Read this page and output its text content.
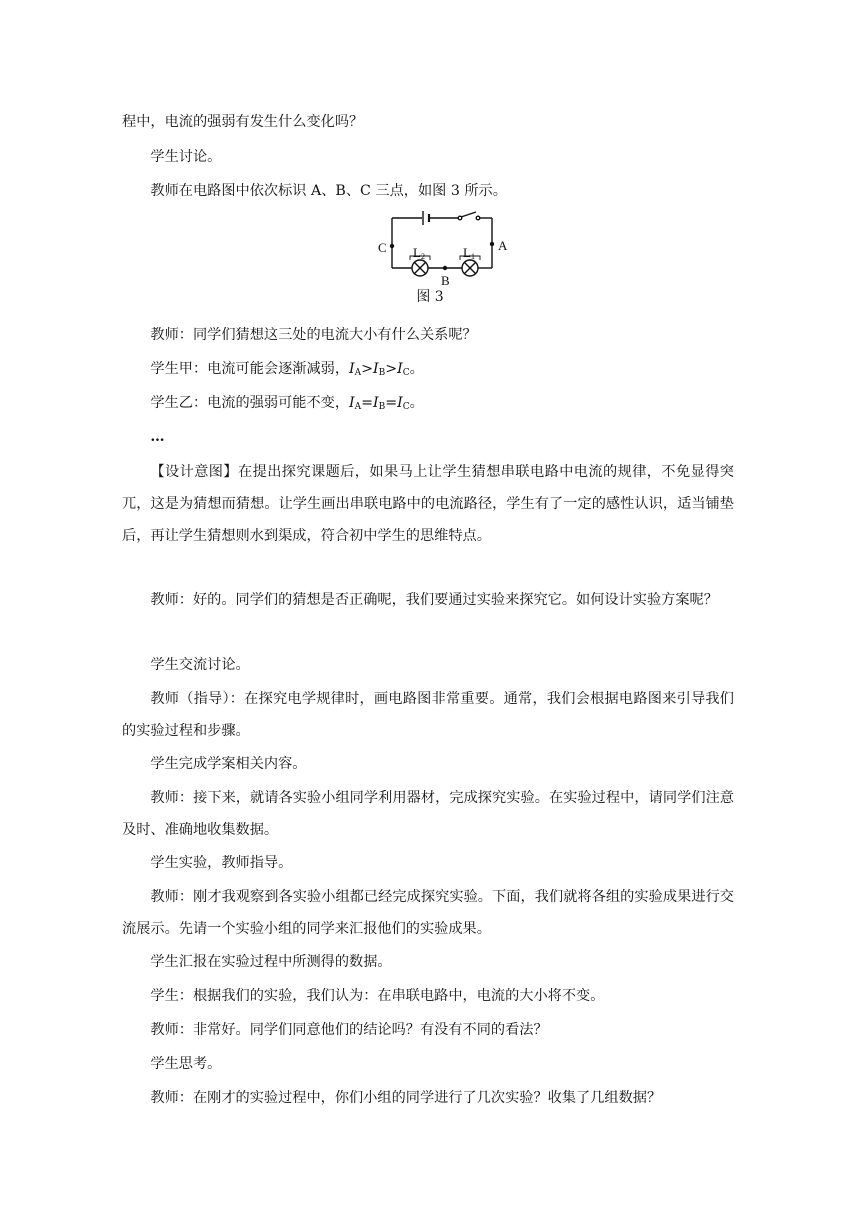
程中，电流的强弱有发生什么变化吗？

学生讨论。

教师在电路图中依次标识 A、B、C 三点，如图 3 所示。

C	A
B
L 2	L 1
图 3

教师：同学们猜想这三处的电流大小有什么关系呢？

学生甲：电流可能会逐渐减弱，$I_A>I_B>I_C$。

学生乙：电流的强弱可能不变，$I_A=I_B=I_C$。

…

【设计意图】在提出探究课题后，如果马上让学生猜想串联电路中电流的规律，不免显得突兀，这是为猜想而猜想。让学生画出串联电路中的电流路径，学生有了一定的感性认识，适当铺垫后，再让学生猜想则水到渠成，符合初中学生的思维特点。

教师：好的。同学们的猜想是否正确呢，我们要通过实验来探究它。如何设计实验方案呢？

学生交流讨论。

教师（指导）：在探究电学规律时，画电路图非常重要。通常，我们会根据电路图来引导我们的实验过程和步骤。

学生完成学案相关内容。

教师：接下来，就请各实验小组同学利用器材，完成探究实验。在实验过程中，请同学们注意及时、准确地收集数据。

学生实验，教师指导。

教师：刚才我观察到各实验小组都已经完成探究实验。下面，我们就将各组的实验成果进行交流展示。先请一个实验小组的同学来汇报他们的实验成果。

学生汇报在实验过程中所测得的数据。

学生：根据我们的实验，我们认为：在串联电路中，电流的大小将不变。

教师：非常好。同学们同意他们的结论吗？有没有不同的看法？

学生思考。

教师：在刚才的实验过程中，你们小组的同学进行了几次实验？收集了几组数据？
